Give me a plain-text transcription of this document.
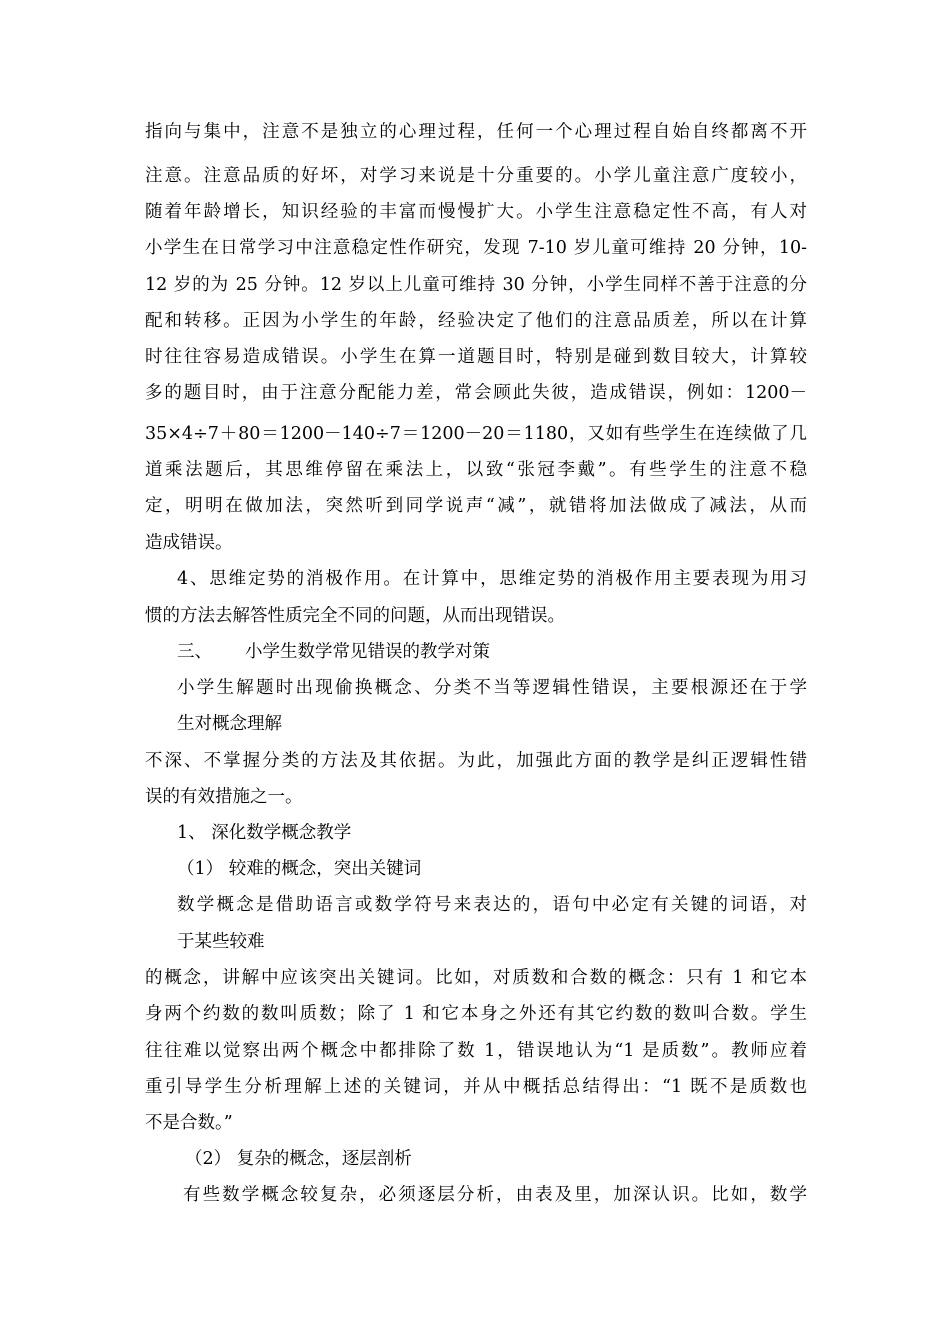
指向与集中，注意不是独立的心理过程，任何一个心理过程自始自终都离不开

注意。注意品质的好坏，对学习来说是十分重要的。小学儿童注意广度较小，

随着年龄增长，知识经验的丰富而慢慢扩大。小学生注意稳定性不高，有人对

小学生在日常学习中注意稳定性作研究，发现 7-10 岁儿童可维持 20 分钟，10-

12 岁的为 25 分钟。12 岁以上儿童可维持 30 分钟，小学生同样不善于注意的分

配和转移。正因为小学生的年龄，经验决定了他们的注意品质差，所以在计算

时往往容易造成错误。小学生在算一道题目时，特别是碰到数目较大，计算较

多的题目时，由于注意分配能力差，常会顾此失彼，造成错误，例如：1200－

35×4÷7＋80＝1200－140÷7＝1200－20＝1180，又如有些学生在连续做了几

道乘法题后，其思维停留在乘法上，以致“张冠李戴”。有些学生的注意不稳

定，明明在做加法，突然听到同学说声“减”，就错将加法做成了减法，从而

造成错误。

4、思维定势的消极作用。在计算中，思维定势的消极作用主要表现为用习

惯的方法去解答性质完全不同的问题，从而出现错误。

三、 小学生数学常见错误的教学对策

小学生解题时出现偷换概念、分类不当等逻辑性错误，主要根源还在于学

生对概念理解

不深、不掌握分类的方法及其依据。为此，加强此方面的教学是纠正逻辑性错

误的有效措施之一。

1、 深化数学概念教学

（1） 较难的概念，突出关键词

数学概念是借助语言或数学符号来表达的，语句中必定有关键的词语，对

于某些较难

的概念，讲解中应该突出关键词。比如，对质数和合数的概念：只有 1 和它本

身两个约数的数叫质数；除了 1 和它本身之外还有其它约数的数叫合数。学生

往往难以觉察出两个概念中都排除了数 1，错误地认为“1 是质数”。教师应着

重引导学生分析理解上述的关键词，并从中概括总结得出：“1 既不是质数也

不是合数。”

（2） 复杂的概念，逐层剖析

有些数学概念较复杂，必须逐层分析，由表及里，加深认识。比如，数学
